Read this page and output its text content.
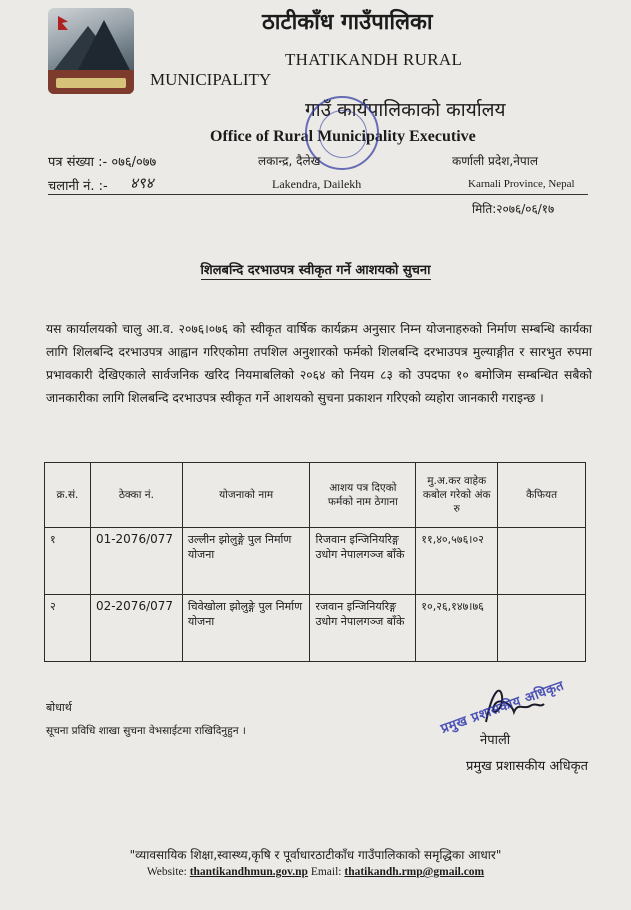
ठाटीकाँध गाउँपालिका
THATIKANDH RURAL
MUNICIPALITY
गाउँ कार्यपालिकाको कार्यालय
Office of Rural Municipality Executive
पत्र संख्या :- ०७६/०७७
चलानी नं. :- ४९४
लकान्द्र, दैलेख	कर्णाली प्रदेश,नेपाल
Lakendra, Dailekh	Karnali Province, Nepal
मिति:२०७६/०६/१७
शिलबन्दि दरभाउपत्र स्वीकृत गर्ने आशयको सुचना
यस कार्यालयको चालु आ.व. २०७६।०७६ को स्वीकृत वार्षिक कार्यक्रम अनुसार निम्न योजनाहरुको निर्माण सम्बन्धि कार्यका लागि शिलबन्दि दरभाउपत्र आह्वान गरिएकोमा तपशिल अनुशारको फर्मको शिलबन्दि दरभाउपत्र मुल्याङ्गीत र सारभुत रुपमा प्रभावकारी देखिएकाले सार्वजनिक खरिद नियमाबलिको २०६४ को नियम ८३ को उपदफा १० बमोजिम सम्बन्धित सबैको जानकारीका लागि शिलबन्दि दरभाउपत्र स्वीकृत गर्ने आशयको सुचना प्रकाशन गरिएको व्यहोरा जानकारी गराइन्छ ।
क्र.सं.	ठेक्का नं.	योजनाको नाम	आशय पत्र दिएको फर्मको नाम ठेगाना	मु.अ.कर वाहेक कबोल गरेको अंक रु	कैफियत
१	01-2076/077	उल्लीन झोलुङ्गे पुल निर्माण योजना	रिजवान इन्जिनियरिङ्ग उधोग नेपालगञ्ज बाँके	११,४०,५७६।०२	
२	02-2076/077	चिवेखोला झोलुङ्गे पुल निर्माण योजना	रजवान इन्जिनियरिङ्ग उधोग नेपालगञ्ज बाँके	१०,२६,१४७।७६	
बोधार्थ
सूचना प्रविधि शाखा सुचना वेभसाईटमा राखिदिनुहुन ।	प्रमुख प्रशासकीय अधिकृत
नेपाली
प्रमुख प्रशासकीय अधिकृत
"व्यावसायिक शिक्षा,स्वास्थ्य,कृषि र पूर्वाधारठाटीकाँध गाउँपालिकाको समृद्धिका आधार"
Website: thantikandhmun.gov.np Email: thatikandh.rmp@gmail.com
